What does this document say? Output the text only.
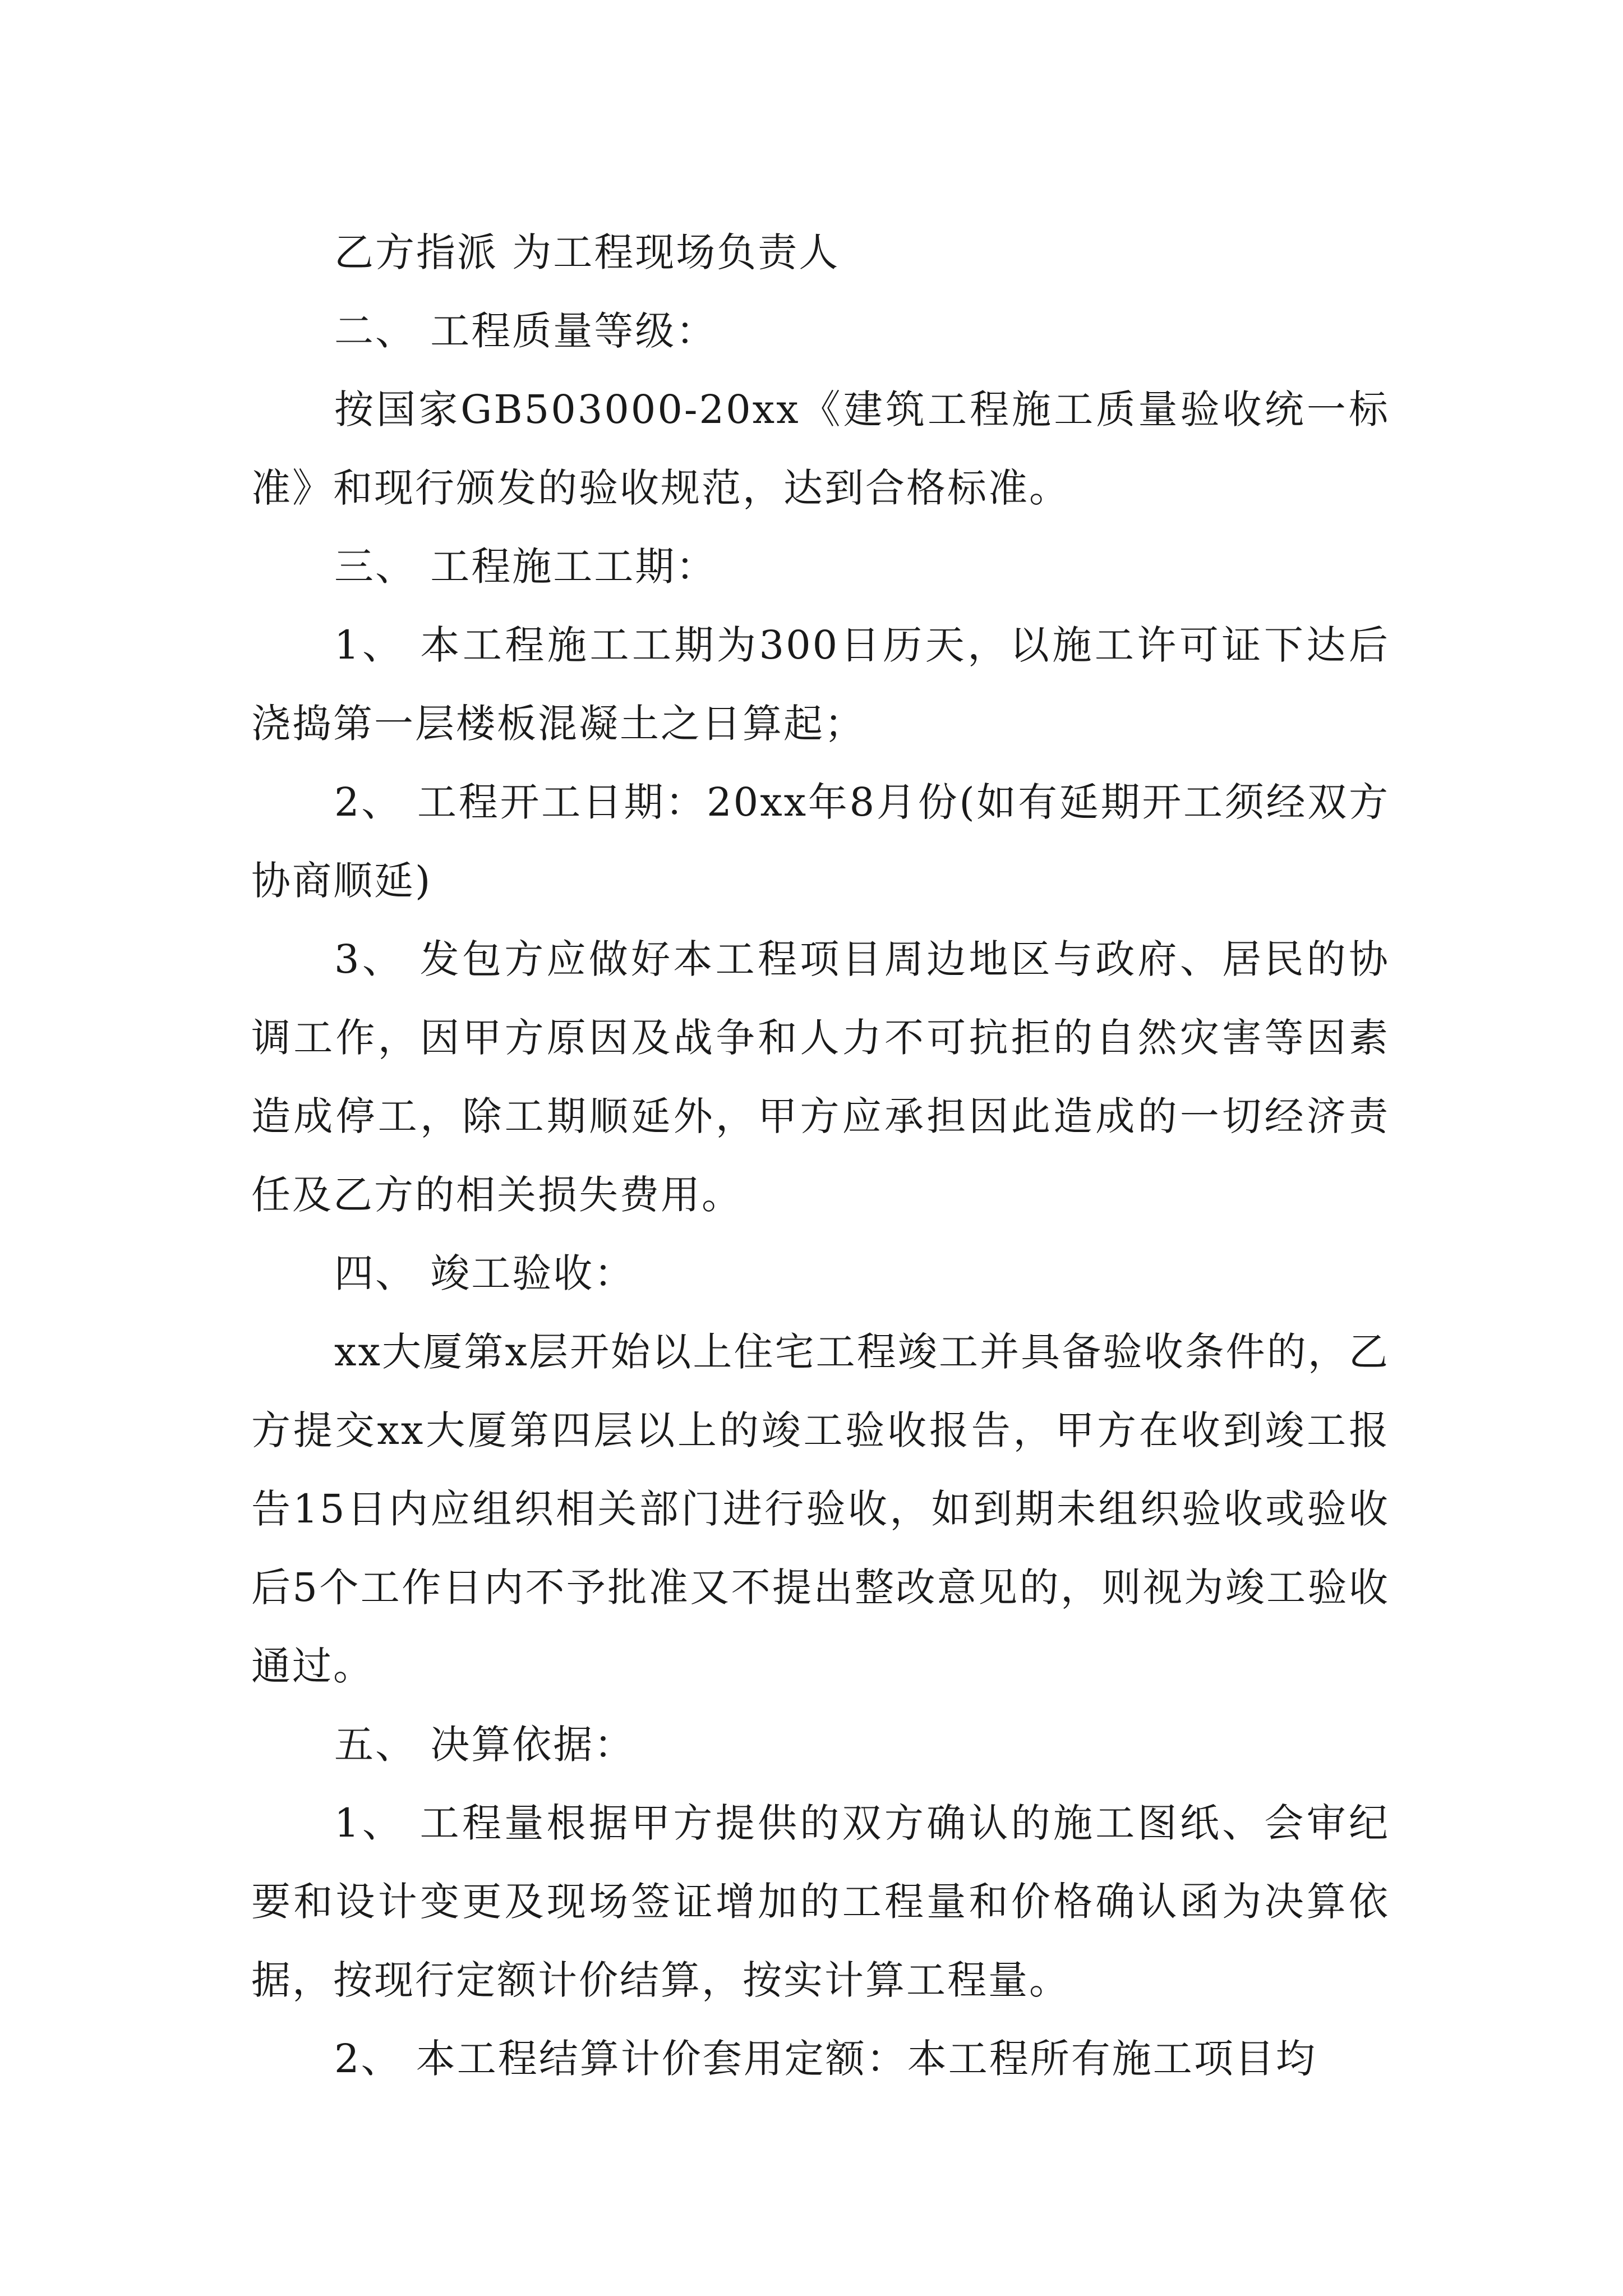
乙方指派 为工程现场负责人

二、 工程质量等级：

按国家GB503000-20xx《建筑工程施工质量验收统一标准》和现行颁发的验收规范，达到合格标准。

三、 工程施工工期：

1、 本工程施工工期为300日历天，以施工许可证下达后浇捣第一层楼板混凝土之日算起；

2、 工程开工日期：20xx年8月份(如有延期开工须经双方协商顺延)

3、 发包方应做好本工程项目周边地区与政府、居民的协调工作，因甲方原因及战争和人力不可抗拒的自然灾害等因素造成停工，除工期顺延外，甲方应承担因此造成的一切经济责任及乙方的相关损失费用。

四、 竣工验收：

xx大厦第x层开始以上住宅工程竣工并具备验收条件的，乙方提交xx大厦第四层以上的竣工验收报告，甲方在收到竣工报告15日内应组织相关部门进行验收，如到期未组织验收或验收后5个工作日内不予批准又不提出整改意见的，则视为竣工验收通过。

五、 决算依据：

1、 工程量根据甲方提供的双方确认的施工图纸、会审纪要和设计变更及现场签证增加的工程量和价格确认函为决算依据，按现行定额计价结算，按实计算工程量。

2、 本工程结算计价套用定额：本工程所有施工项目均
